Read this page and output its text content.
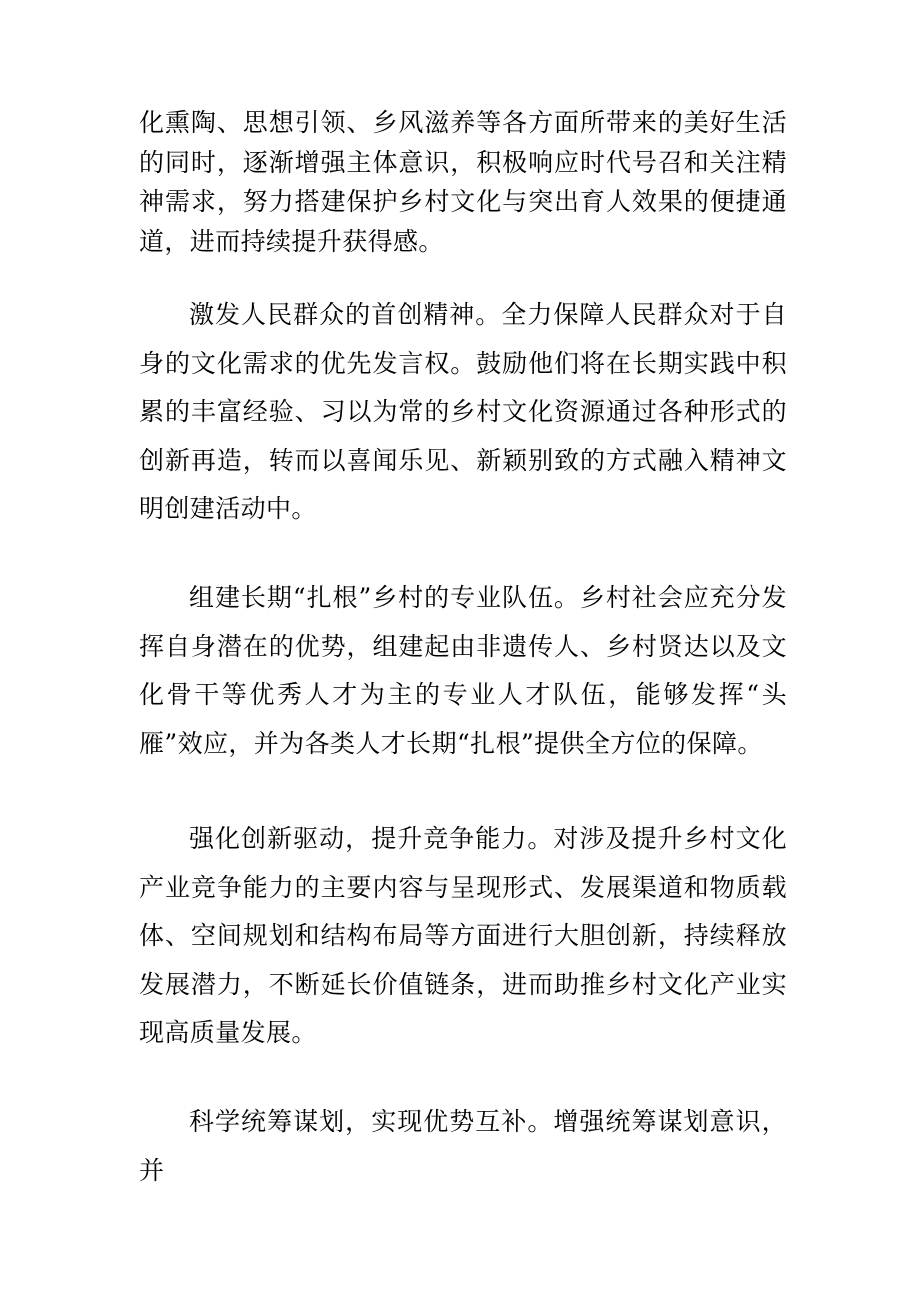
化熏陶、思想引领、乡风滋养等各方面所带来的美好生活的同时，逐渐增强主体意识，积极响应时代号召和关注精神需求，努力搭建保护乡村文化与突出育人效果的便捷通道，进而持续提升获得感。

激发人民群众的首创精神。全力保障人民群众对于自身的文化需求的优先发言权。鼓励他们将在长期实践中积累的丰富经验、习以为常的乡村文化资源通过各种形式的创新再造，转而以喜闻乐见、新颖别致的方式融入精神文明创建活动中。

组建长期“扎根”乡村的专业队伍。乡村社会应充分发挥自身潜在的优势，组建起由非遗传人、乡村贤达以及文化骨干等优秀人才为主的专业人才队伍，能够发挥“头雁”效应，并为各类人才长期“扎根”提供全方位的保障。

强化创新驱动，提升竞争能力。对涉及提升乡村文化产业竞争能力的主要内容与呈现形式、发展渠道和物质载体、空间规划和结构布局等方面进行大胆创新，持续释放发展潜力，不断延长价值链条，进而助推乡村文化产业实现高质量发展。

科学统筹谋划，实现优势互补。增强统筹谋划意识，并
